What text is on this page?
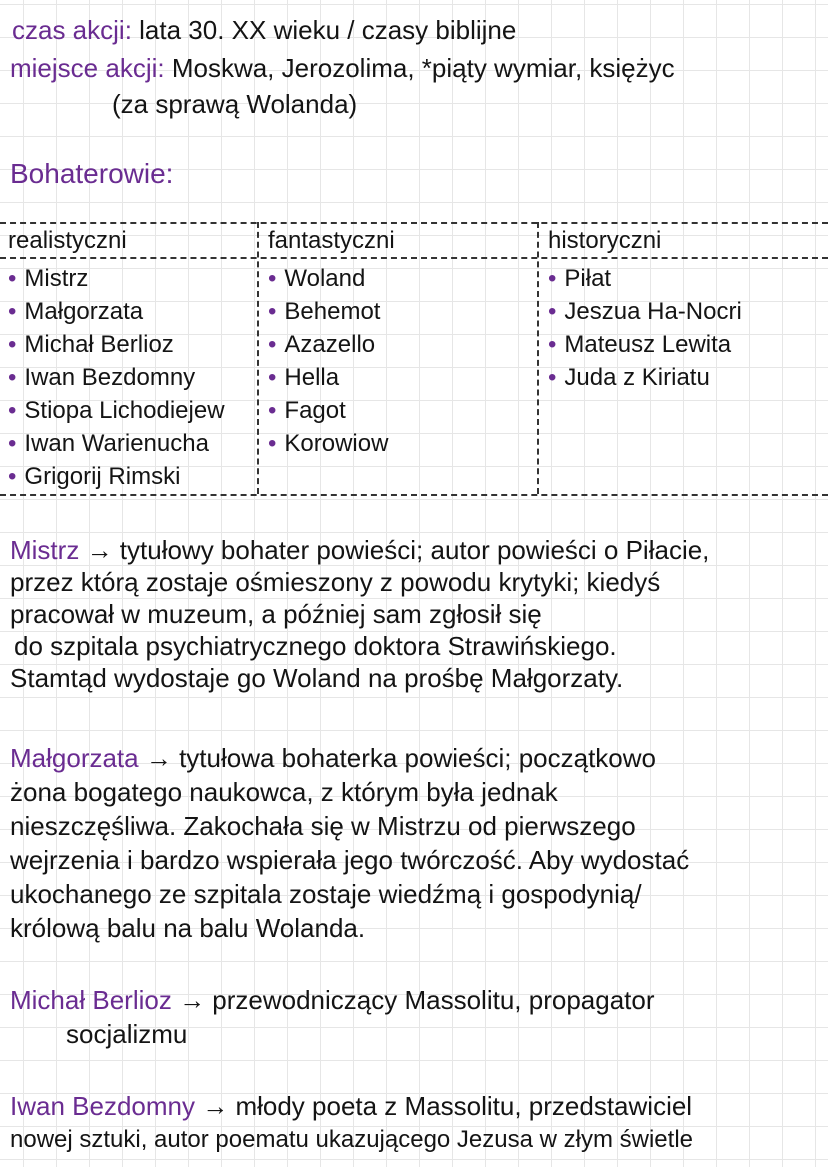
czas akcji: lata 30. XX wieku / czasy biblijne
miejsce akcji: Moskwa, Jerozolima, *piąty wymiar, księżyc
(za sprawą Wolanda)
Bohaterowie:
realistyczni
• Mistrz
• Małgorzata
• Michał Berlioz
• Iwan Bezdomny
• Stiopa Lichodiejew
• Iwan Warienucha
• Grigorij Rimski
fantastyczni
• Woland
• Behemot
• Azazello
• Hella
• Fagot
• Korowiow
historyczni
• Piłat
• Jeszua Ha-Nocri
• Mateusz Lewita
• Juda z Kiriatu
Mistrz → tytułowy bohater powieści; autor powieści o Piłacie,
przez którą zostaje ośmieszony z powodu krytyki; kiedyś
pracował w muzeum, a później sam zgłosił się
do szpitala psychiatrycznego doktora Strawińskiego.
Stamtąd wydostaje go Woland na prośbę Małgorzaty.
Małgorzata → tytułowa bohaterka powieści; początkowo
żona bogatego naukowca, z którym była jednak
nieszczęśliwa. Zakochała się w Mistrzu od pierwszego
wejrzenia i bardzo wspierała jego twórczość. Aby wydostać
ukochanego ze szpitala zostaje wiedźmą i gospodynią/
królową balu na balu Wolanda.
Michał Berlioz → przewodniczący Massolitu, propagator
socjalizmu
Iwan Bezdomny → młody poeta z Massolitu, przedstawiciel
nowej sztuki, autor poematu ukazującego Jezusa w złym świetle
